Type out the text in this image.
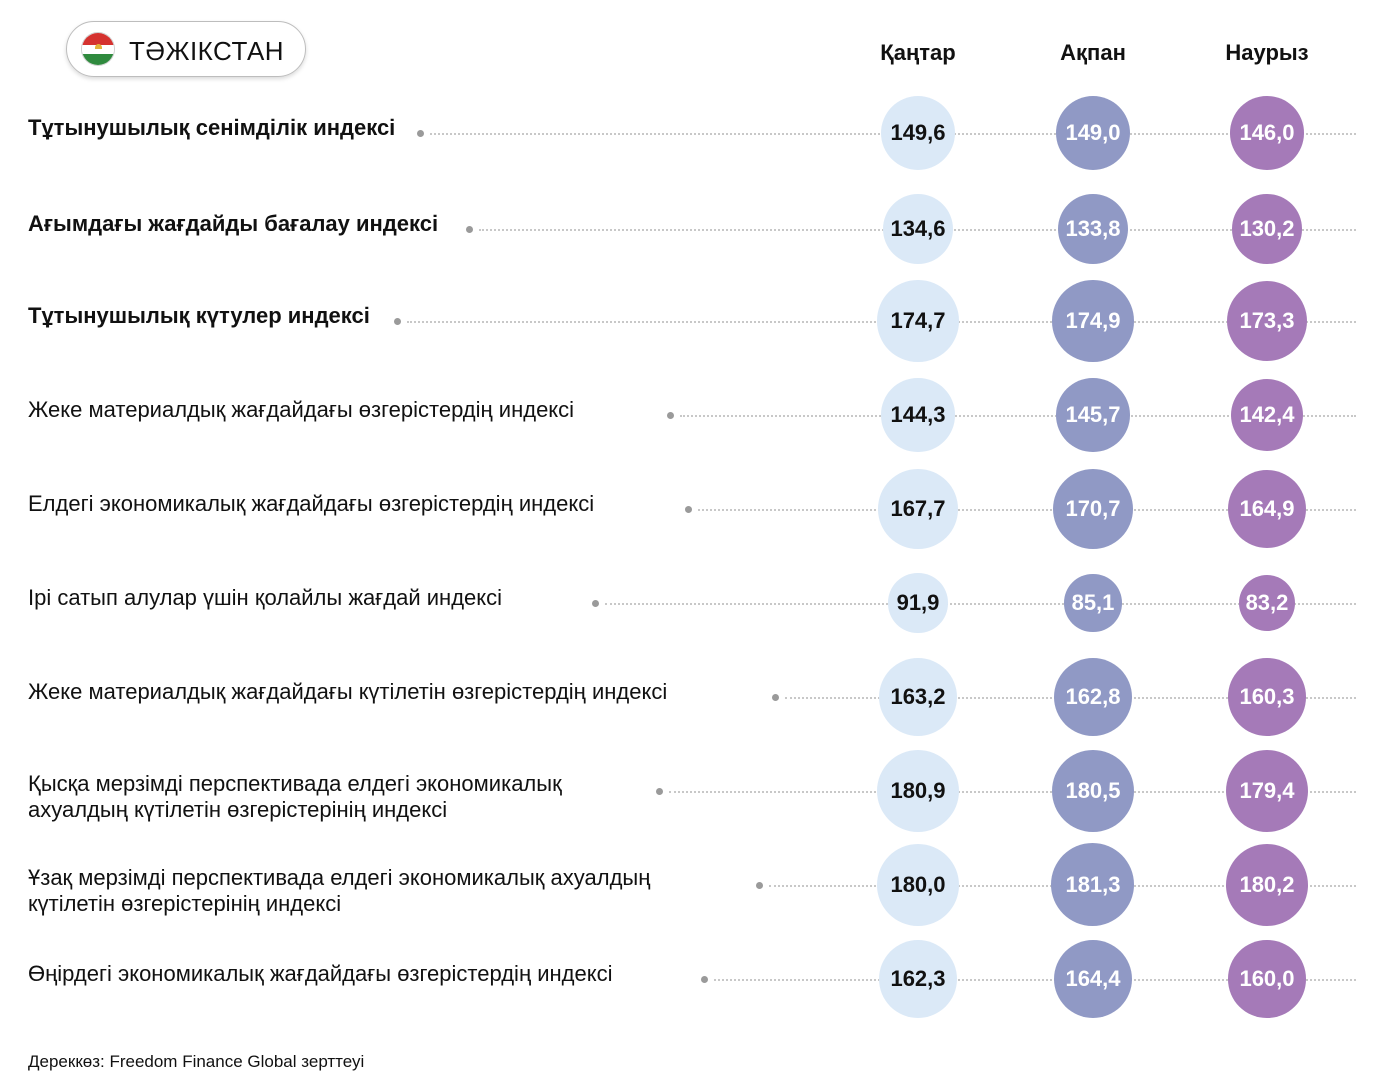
ТӘЖІКСТАН	Қаңтар	Ақпан	Наурыз
Тұтынушылық сенімділік индексі	149,6	149,0	146,0
Ағымдағы жағдайды бағалау индексі	134,6	133,8	130,2
Тұтынушылық күтулер индексі	174,7	174,9	173,3
Жеке материалдық жағдайдағы өзгерістердің индексі	144,3	145,7	142,4
Елдегі экономикалық жағдайдағы өзгерістердің индексі	167,7	170,7	164,9
Ірі сатып алулар үшін қолайлы жағдай индексі	91,9	85,1	83,2
Жеке материалдық жағдайдағы күтілетін өзгерістердің индексі	163,2	162,8	160,3
Қысқа мерзімді перспективада елдегі экономикалық
ахуалдың күтілетін өзгерістерінің индексі
180,9	180,5	179,4
Ұзақ мерзімді перспективада елдегі экономикалық ахуалдың
күтілетін өзгерістерінің индексі
180,0	181,3	180,2
Өңірдегі экономикалық жағдайдағы өзгерістердің индексі	162,3	164,4	160,0
Дереккөз: Freedom Finance Global зерттеуі
